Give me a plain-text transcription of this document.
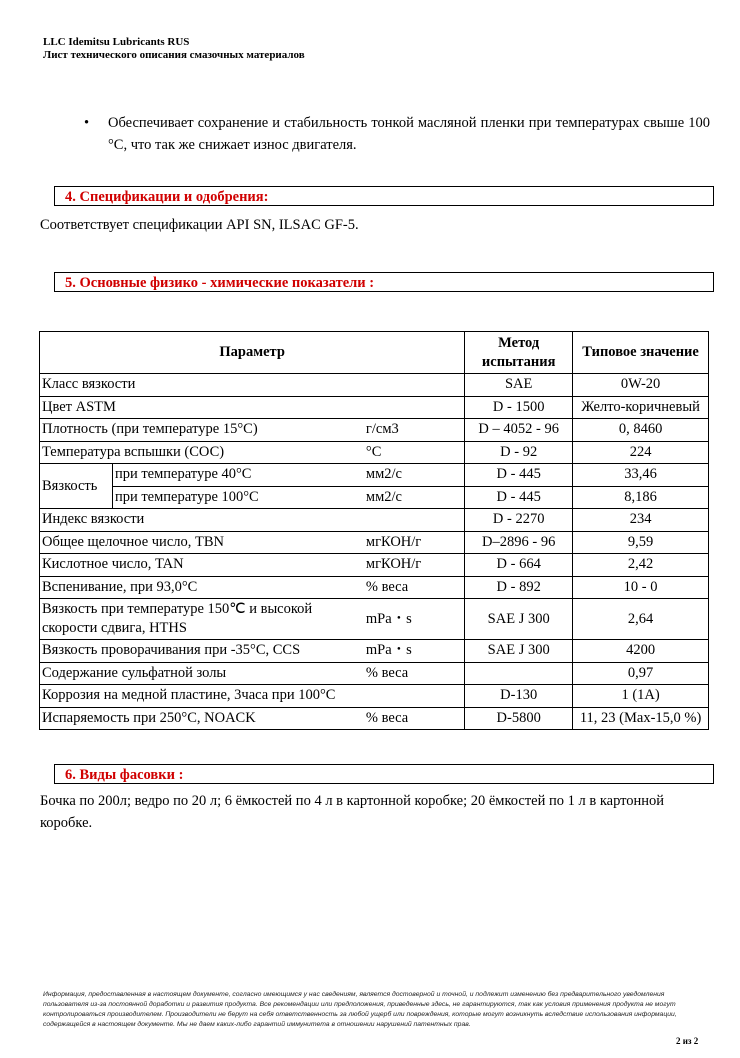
LLC Idemitsu Lubricants RUS
Лист технического описания смазочных материалов
• Обеспечивает сохранение и стабильность тонкой масляной пленки при температурах свыше 100 °С, что так же снижает износ двигателя.
4. Спецификации и одобрения:
Соответствует спецификации API SN, ILSAC GF-5.
5. Основные физико - химические показатели :
Параметр			Метод испытания	Типовое значение
Класс вязкости			SAE	0W-20
Цвет ASTM			D - 1500	Желто-коричневый
Плотность (при температуре 15°С)		г/см3	D – 4052 - 96	0, 8460
Температура вспышки (СОС)		°С	D - 92	224
Вязкость	при температуре 40°С	мм2/с	D - 445	33,46
	при температуре 100°С	мм2/с	D - 445	8,186
Индекс вязкости			D - 2270	234
Общее щелочное число, TBN		мгКОН/г	D–2896 - 96	9,59
Кислотное число, TAN		мгКОН/г	D - 664	2,42
Вспенивание, при 93,0°С		% веса	D - 892	10 - 0
Вязкость при температуре 150℃ и высокой скорости сдвига, HTHS		mPa・s	SAE J 300	2,64
Вязкость проворачивания при -35°С, CCS		mPa・s	SAE J 300	4200
Содержание сульфатной золы		% веса		0,97
Коррозия на медной пластине, 3часа при 100°С			D-130	1 (1А)
Испаряемость при 250°С, NOACK		% веса	D-5800	11, 23 (Max-15,0 %)
6. Виды фасовки :
Бочка по 200л; ведро по 20 л; 6 ёмкостей по 4 л в картонной коробке; 20 ёмкостей по 1 л в картонной коробке.
Информация, предоставленная в настоящем документе, согласно имеющимся у нас сведениям, является достоверной и точной, и подлежит изменению без предварительного уведомления пользователя из-за постоянной доработки и развития продукта. Все рекомендации или предположения, приведенные здесь, не гарантируются, так как условия применения продукта не могут контролироваться производителем. Производители не берут на себя ответственность за любой ущерб или повреждения, которые могут возникнуть вследствие использования информации, содержащейся в настоящем документе. Мы не даем каких-либо гарантий иммунитета в отношении нарушений патентных прав.
2 из 2
